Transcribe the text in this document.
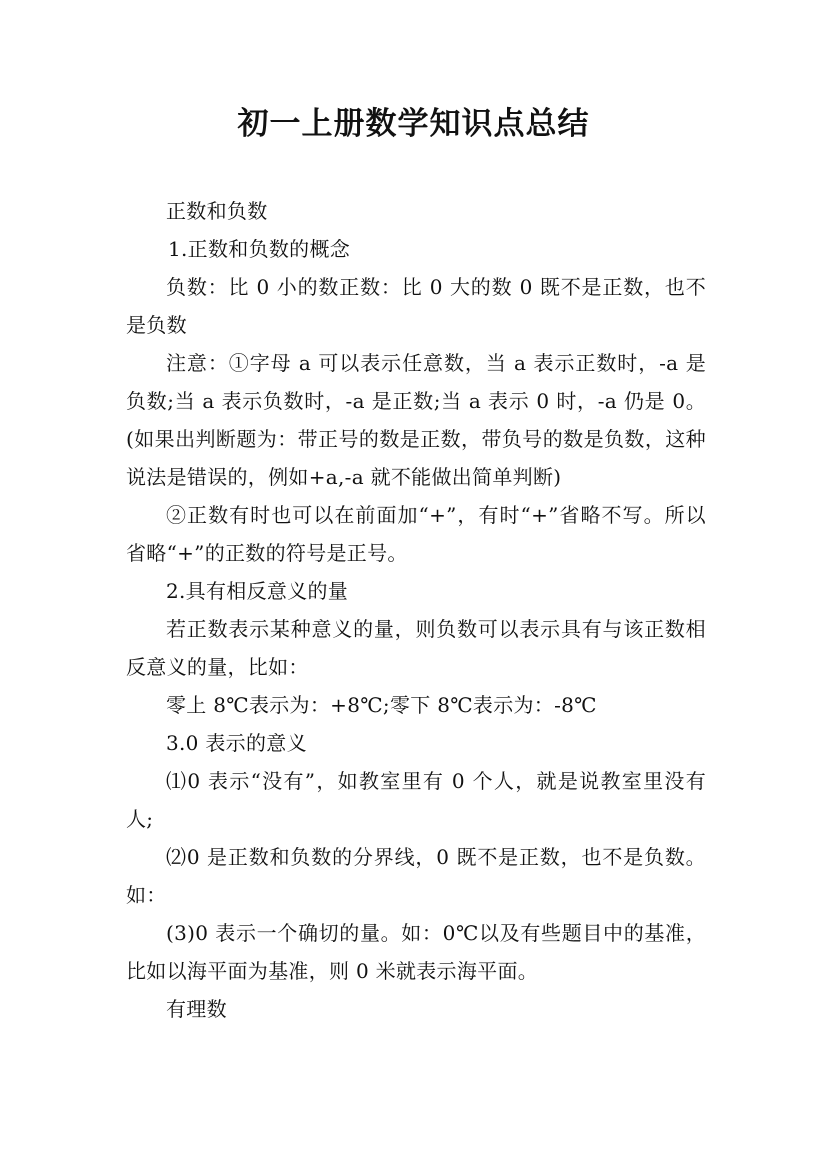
初一上册数学知识点总结

正数和负数

1.正数和负数的概念

负数：比 0 小的数正数：比 0 大的数 0 既不是正数，也不是负数

注意：①字母 a 可以表示任意数，当 a 表示正数时，-a 是负数;当 a 表示负数时，-a 是正数;当 a 表示 0 时，-a 仍是 0。(如果出判断题为：带正号的数是正数，带负号的数是负数，这种说法是错误的，例如+a,-a 就不能做出简单判断)

②正数有时也可以在前面加“+”，有时“+”省略不写。所以省略“+”的正数的符号是正号。

2.具有相反意义的量

若正数表示某种意义的量，则负数可以表示具有与该正数相反意义的量，比如：

零上 8℃表示为：+8℃;零下 8℃表示为：-8℃

3.0 表示的意义

⑴0 表示“没有”，如教室里有 0 个人，就是说教室里没有人;

⑵0 是正数和负数的分界线，0 既不是正数，也不是负数。如：

(3)0 表示一个确切的量。如：0℃以及有些题目中的基准，比如以海平面为基准，则 0 米就表示海平面。

有理数
